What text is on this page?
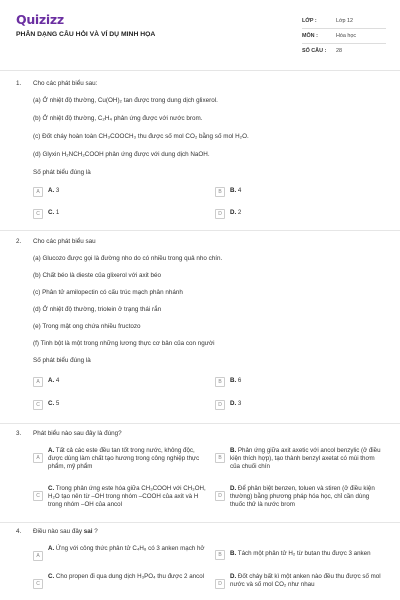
Quizizz
PHÂN DẠNG CÂU HỎI VÀ VÍ DỤ MINH HỌA
LỚP :	Lớp 12
MÔN :	Hóa học
SỐ CÂU :	28
1. Cho các phát biểu sau:
(a) Ở nhiệt độ thường, Cu(OH)₂ tan được trong dung dịch glixerol.
(b) Ở nhiệt độ thường, C₂H₄ phản ứng được với nước brom.
(c) Đốt cháy hoàn toàn CH₃COOCH₃ thu được số mol CO₂ bằng số mol H₂O.
(d) Glyxin H₂NCH₂COOH phản ứng được với dung dịch NaOH.
Số phát biểu đúng là
A	A. 3	B	B. 4
C	C. 1	D	D. 2
2. Cho các phát biểu sau
(a) Glucozo được gọi là đường nho do có nhiều trong quả nho chín.
(b) Chất béo là dieste của glixerol với axit béo
(c) Phân tử amilopectin có cấu trúc mạch phân nhánh
(d) Ở nhiệt độ thường, triolein ở trạng thái rắn
(e) Trong mật ong chứa nhiều fructozo
(f) Tinh bột là một trong những lương thực cơ bản của con người
Số phát biểu đúng là
A	A. 4	B	B. 6
C	C. 5	D	D. 3
3. Phát biểu nào sau đây là đúng?
A
A. Tất cả các este đều tan tốt trong nước, không độc, được dùng làm chất tạo hương trong công nghiệp thực phẩm, mỹ phẩm
B
B. Phản ứng giữa axit axetic với ancol benzylic (ở điều kiện thích hợp), tạo thành benzyl axetat có mùi thơm của chuối chín
C
C. Trong phản ứng este hóa giữa CH₃COOH với CH₃OH, H₂O tạo nên từ –OH trong nhóm –COOH của axit và H trong nhóm –OH của ancol
D
D. Để phân biệt benzen, toluen và stiren (ở điều kiện thường) bằng phương pháp hóa học, chỉ cần dùng thuốc thử là nước brom
4. Điều nào sau đây sai ?
A
A. Ứng với công thức phân tử C₄H₈ có 3 anken mạch hở
B	B. Tách một phân tử H₂ từ butan thu được 3 anken
C
C. Cho propen đi qua dung dịch H₃PO₄ thu được 2 ancol
D
D. Đốt cháy bất kì một anken nào đều thu được số mol nước và số mol CO₂ như nhau
